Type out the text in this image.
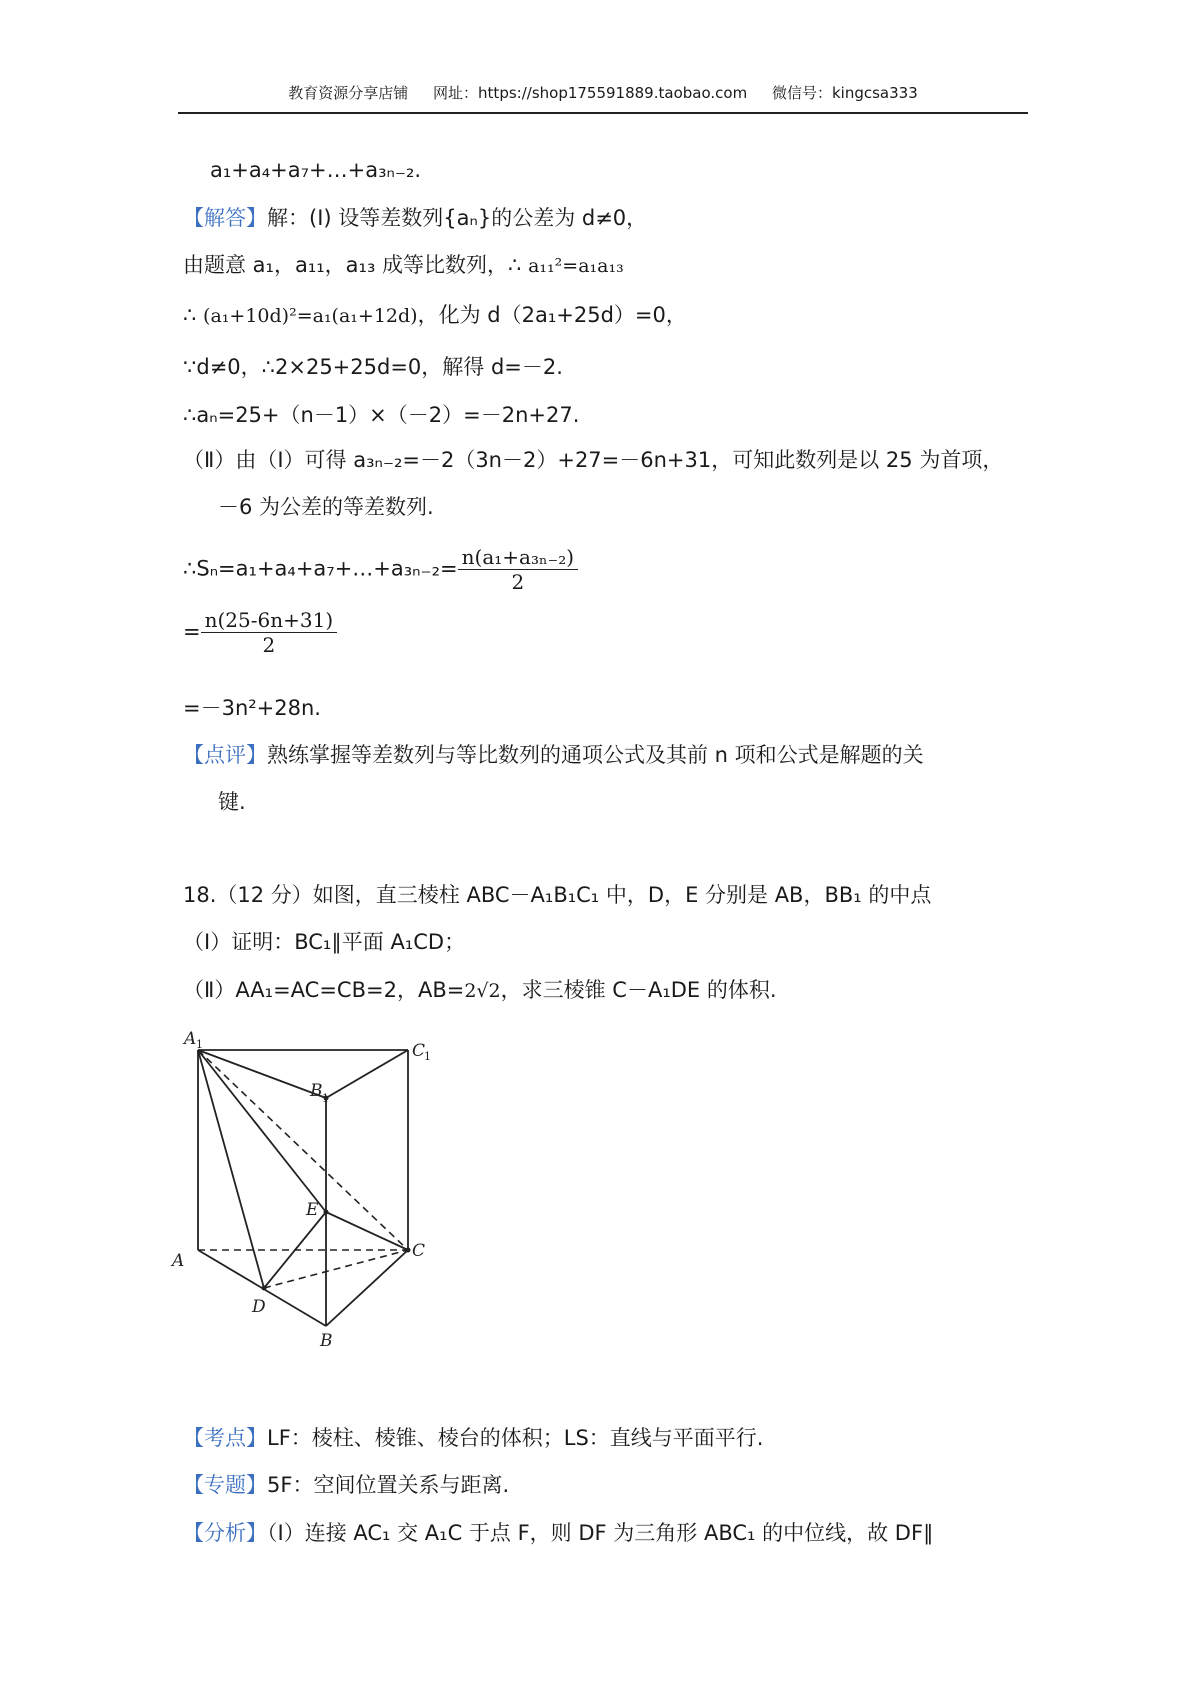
教育资源分享店铺 网址：https://shop175591889.taobao.com 微信号：kingcsa333
a₁+a₄+a₇+…+a₃ₙ₋₂.
【解答】解：(Ⅰ) 设等差数列{aₙ}的公差为 d≠0，
由题意 a₁，a₁₁，a₁₃ 成等比数列，∴ a₁₁²=a₁a₁₃
∴ (a₁+10d)²=a₁(a₁+12d)，化为 d（2a₁+25d）=0，
∵d≠0，∴2×25+25d=0，解得 d=－2.
∴aₙ=25+（n－1）×（－2）=－2n+27.
（Ⅱ）由（Ⅰ）可得 a₃ₙ₋₂=－2（3n－2）+27=－6n+31，可知此数列是以 25 为首项，
－6 为公差的等差数列.
∴Sₙ=a₁+a₄+a₇+…+a₃ₙ₋₂= $\frac{\text{n(a₁+a₃ₙ₋₂)}}{2}$
= $\frac{n(25-6n+31)}{2}$
=－3n²+28n.
【点评】熟练掌握等差数列与等比数列的通项公式及其前 n 项和公式是解题的关
键.
18.（12 分）如图，直三棱柱 ABC－A₁B₁C₁ 中，D，E 分别是 AB，BB₁ 的中点
（Ⅰ）证明：BC₁∥平面 A₁CD；
（Ⅱ）AA₁=AC=CB=2，AB=2√2，求三棱锥 C－A₁DE 的体积.
A 1	C
1
B 1
E
A	C
D
B
【考点】LF：棱柱、棱锥、棱台的体积；LS：直线与平面平行.
【专题】5F：空间位置关系与距离.
【分析】（Ⅰ）连接 AC₁ 交 A₁C 于点 F，则 DF 为三角形 ABC₁ 的中位线，故 DF∥
